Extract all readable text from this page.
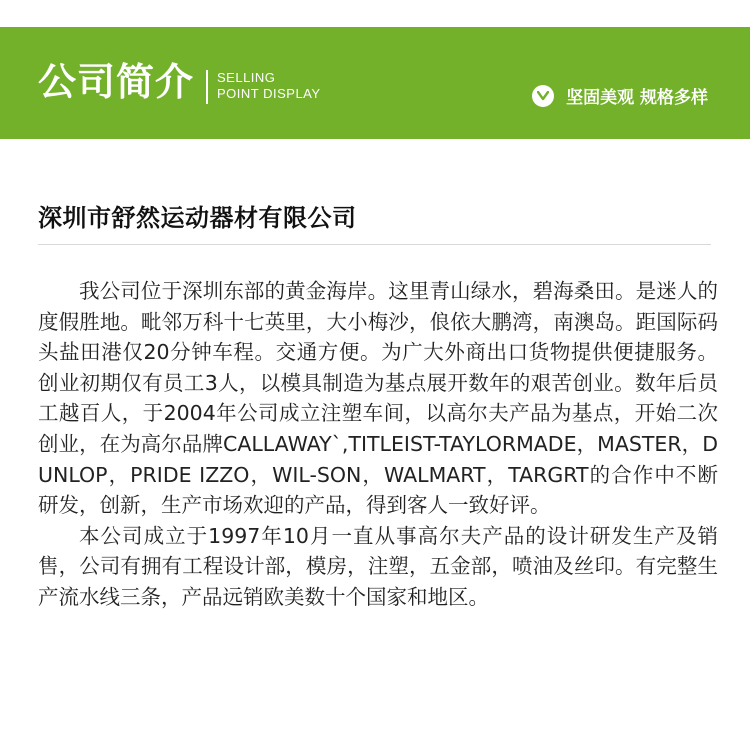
公司简介 SELLING
POINT DISPLAY	坚固美观 规格多样
深圳市舒然运动器材有限公司

我公司位于深圳东部的黄金海岸。这里青山绿水，碧海桑田。是迷人的度假胜地。毗邻万科十七英里，大小梅沙，俍依大鹏湾，南澳岛。距国际码头盐田港仅20分钟车程。交通方便。为广大外商出口货物提供便捷服务。创业初期仅有员工3人，以模具制造为基点展开数年的艰苦创业。数年后员工越百人，于2004年公司成立注塑车间，以高尔夫产品为基点，开始二次创业，在为高尔品牌CALLAWAY`,TITLEIST-TAYLORMADE，MASTER，DUNLOP，PRIDE IZZO，WIL-SON，WALMART，TARGRT的合作中不断研发，创新，生产市场欢迎的产品，得到客人一致好评。

本公司成立于1997年10月一直从事高尔夫产品的设计研发生产及销售，公司有拥有工程设计部，模房，注塑，五金部，喷油及丝印。有完整生产流水线三条，产品远销欧美数十个国家和地区。
